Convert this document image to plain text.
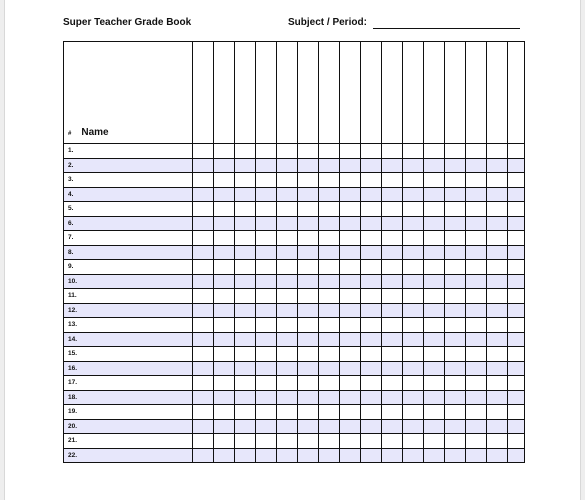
Super Teacher Grade Book	Subject / Period:
# Name																

1.																
2.																
3.																
4.																
5.																
6.																
7.																
8.																
9.																
10.																
11.																
12.																
13.																
14.																
15.																
16.																
17.																
18.																
19.																
20.																
21.																
22.																
